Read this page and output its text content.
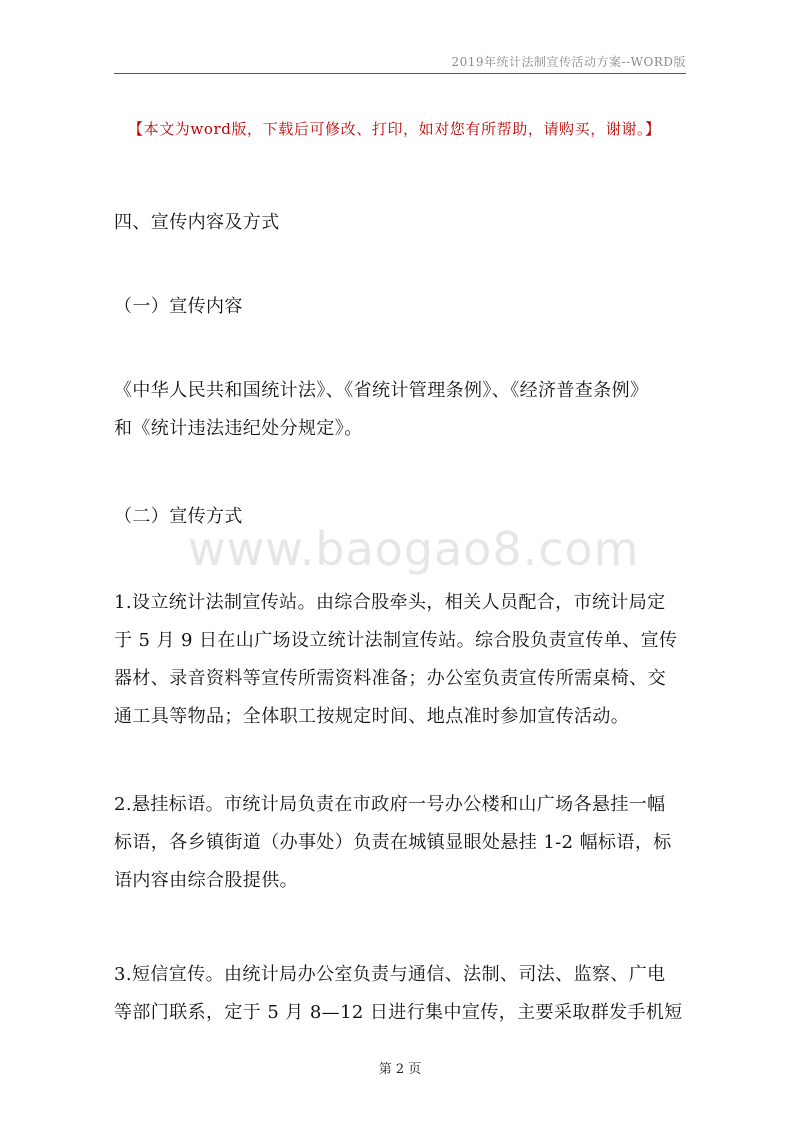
2019年统计法制宣传活动方案--WORD版
【本文为word版，下载后可修改、打印，如对您有所帮助，请购买，谢谢。】
四、宣传内容及方式
（一）宣传内容
《中华人民共和国统计法》、《省统计管理条例》、《经济普查条例》
和《统计违法违纪处分规定》。
（二）宣传方式
www.baogao8.com
1.设立统计法制宣传站。由综合股牵头，相关人员配合，市统计局定
于 5 月 9 日在山广场设立统计法制宣传站。综合股负责宣传单、宣传
器材、录音资料等宣传所需资料准备；办公室负责宣传所需桌椅、交
通工具等物品；全体职工按规定时间、地点准时参加宣传活动。
2.悬挂标语。市统计局负责在市政府一号办公楼和山广场各悬挂一幅
标语，各乡镇街道（办事处）负责在城镇显眼处悬挂 1-2 幅标语，标
语内容由综合股提供。
3.短信宣传。由统计局办公室负责与通信、法制、司法、监察、广电
等部门联系，定于 5 月 8—12 日进行集中宣传，主要采取群发手机短
第 2 页
